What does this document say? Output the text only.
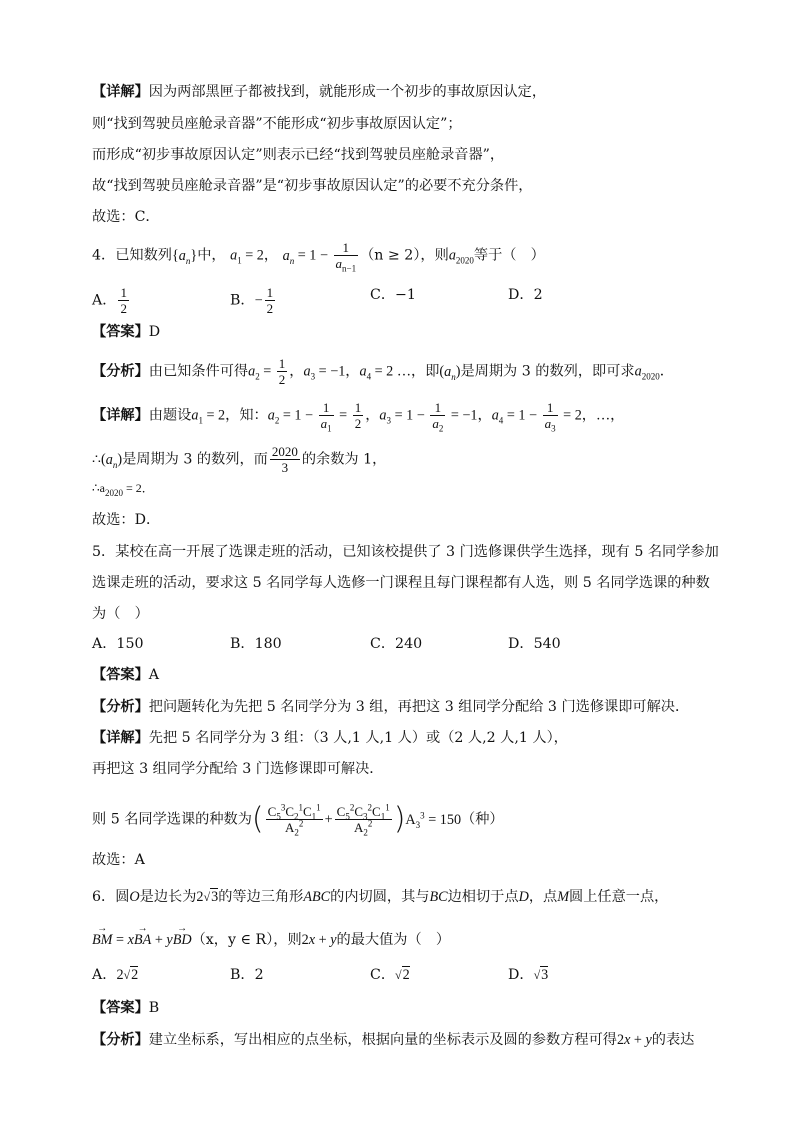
【详解】因为两部黑匣子都被找到，就能形成一个初步的事故原因认定，
则“找到驾驶员座舱录音器”不能形成“初步事故原因认定”；
而形成“初步事故原因认定”则表示已经“找到驾驶员座舱录音器”，
故“找到驾驶员座舱录音器”是“初步事故原因认定”的必要不充分条件，
故选：C．
4．已知数列$\{a_n\}$中， $a_1 = 2$， $a_n = 1 - \frac{1}{a_{n-1}} (n \ge 2)$，则$a_{2020}$等于（　）
A． $\frac{1}{2}$	B．− $\frac{1}{2}$	C．−1	D．2
【答案】D
【分析】由已知条件可得$a_2 = \frac{1}{2}$ ，$a_3 = -1$，$a_4 = 2$ …，即$(a_n)$是周期为 3 的数列，即可求$a_{2020}$．
【详解】由题设$a_1 = 2$，知：$a_2 = 1 - \frac{1}{a_1} = \frac{1}{2}$ ，$a_3 = 1 - \frac{1}{a_2} = -1$，$a_4 = 1 - \frac{1}{a_3} = 2$，…，
$\therefore(a_n)$是周期为 3 的数列，而 $\frac{2020}{3}$ 的余数为 1，
$\therefore a_{2020} = 2$．
故选：D．
5．某校在高一开展了选课走班的活动，已知该校提供了 3 门选修课供学生选择，现有 5 名同学参加
选课走班的活动，要求这 5 名同学每人选修一门课程且每门课程都有人选，则 5 名同学选课的种数
为（　）
A．150	B．180	C．240	D．540
【答案】A
【分析】把问题转化为先把 5 名同学分为 3 组，再把这 3 组同学分配给 3 门选修课即可解决．
【详解】先把 5 名同学分为 3 组：（3 人,1 人,1 人）或（2 人,2 人,1 人），
再把这 3 组同学分配给 3 门选修课即可解决．
则 5 名同学选课的种数为( $\frac{C_5^3C_2^1C_1^1}{A_2^2} + \frac{C_5^2C_3^2C_1^1}{A_2^2} )A_3^3 = 150$（种）
故选：A
6．圆O是边长为2√3的等边三角形ABC的内切圆，其与BC边相切于点D，点M圆上任意一点，
→ BM = x→ BA + y→ BD（x，y ∈ R），则2x + y的最大值为（　）
A．2√2	B．2	C．√2	D．√3
【答案】B
【分析】建立坐标系，写出相应的点坐标，根据向量的坐标表示及圆的参数方程可得2x + y的表达
